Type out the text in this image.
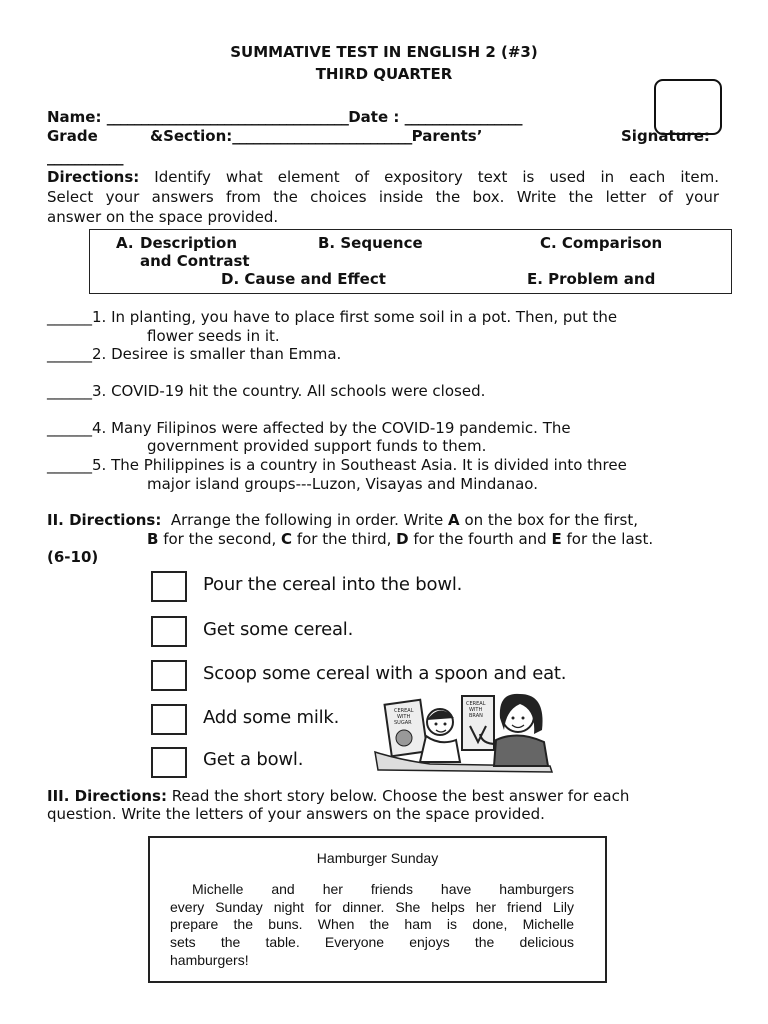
SUMMATIVE TEST IN ENGLISH 2 (#3)
THIRD QUARTER
Name: ___________________________________Date : _________________
Grade	&Section:__________________________Parents’	Signature:
___________
Directions: Identify what element of expository text is used in each item.
Select your answers from the choices inside the box. Write the letter of your
answer on the space provided.
A. Description
and Contrast
B. Sequence	C. Comparison
D. Cause and Effect	E. Problem and
______1. In planting, you have to place first some soil in a pot. Then, put the
flower seeds in it.
______2. Desiree is smaller than Emma.
______3. COVID-19 hit the country. All schools were closed.
______4. Many Filipinos were affected by the COVID-19 pandemic. The
government provided support funds to them.
______5. The Philippines is a country in Southeast Asia. It is divided into three
major island groups---Luzon, Visayas and Mindanao.
II. Directions: Arrange the following in order. Write A on the box for the first,
B for the second, C for the third, D for the fourth and E for the last.
(6-10)
Pour the cereal into the bowl.
Get some cereal.
Scoop some cereal with a spoon and eat.
Add some milk.
Get a bowl.
CEREAL WITH SUGAR
CEREAL WITH BRAN
III. Directions: Read the short story below. Choose the best answer for each
question. Write the letters of your answers on the space provided.
Hamburger Sunday
Michelle and her friends have hamburgers
every Sunday night for dinner. She helps her friend Lily
prepare the buns. When the ham is done, Michelle
sets the table. Everyone enjoys the delicious
hamburgers!
